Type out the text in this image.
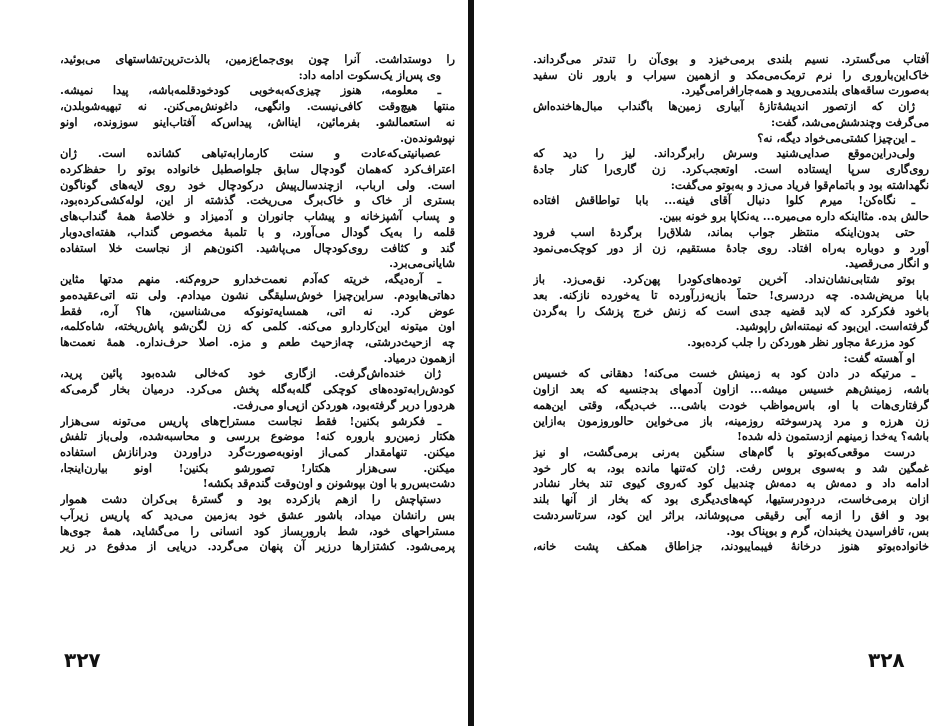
را دوستداشت. آنرا چون بوی‌جماع‌زمین، بالذت‌ترین‌تشاستهای می‌بوئید،
وی پس‌از یک‌سکوت ادامه داد:
ـ معلومه، هنوز چیزی‌که‌به‌خوبی کودخودقلمه‌باشه، پیدا نمیشه.
منتها هیچ‌وقت کافی‌نیست. وانگهی، داغونش‌می‌کنن. نه تبهیه‌شوبلدن،
نه استعمالشو. بفرمائین، اینااش، پیداس‌که آفتاب‌اینو سوزونده، اونو
نپوشونده‌ن.
عصبانیتی‌که‌عادت و سنت کارمارا‌به‌تباهی کشانده است. ژان
اعتراف‌کرد که‌همان گودچال سابق جلواصطبل خانواده بوتو را حفظ‌کرده
است. ولی ارباب، ازچندسال‌پیش درکودچال خود روی لایه‌های گوناگون
بستری از خاک و خاک‌برگ می‌ریخت. گذشته از این، لوله‌کشی‌کرده‌بود،
و پساب آشپزخانه و پیشاب جانوران و آدمیزاد و خلاصهٔ همهٔ گنداب‌های
قلمه را به‌یک گودال می‌آورد، و با تلمبهٔ مخصوص گنداب، هفته‌ای‌دوبار
گند و کثافت روی‌کودچال می‌پاشید. اکنون‌هم از نجاست خلا استفاده
شایانی‌می‌برد.
ـ آره‌دیگه، خریته که‌آدم نعمت‌خدارو حروم‌کنه. منهم مدتها مثاین
دهاتی‌هابودم. سراین‌چیزا خوش‌سلیقگی نشون میدادم. ولی نته اتی‌عقیده‌مو
عوض کرد. نه اتی، همسایه‌تونوکه می‌شناسین، ها؟ آره، فقط
اون میتونه این‌کاردارو می‌کنه. کلمی که زن لگن‌شو پاش‌ریخته، شاه‌کلمه،
چه ازحیث‌درشتی، چه‌ازحیث طعم و مزه. اصلا حرف‌نداره. همهٔ نعمت‌ها
ازهمون درمیاد.
ژان خنده‌اش‌گرفت. ازگاری خود که‌خالی شده‌بود پائین پرید،
کودش‌رابه‌توده‌های کوچکی گله‌به‌گله پخش می‌کرد. درمیان بخار گرمی‌که
هردورا دربر گرفته‌بود، هوردکن ازپی‌او می‌رفت.
ـ فکرشو بکنین! فقط نجاست مستراح‌های پاریس می‌تونه سی‌هزار
هکتار زمین‌رو باروره کنه! موضوع بررسی و محاسبه‌شده، ولی‌باز تلفش
میکنن. تنهامقدار کمی‌از اونوبه‌صورت‌گرد دراوردن ودرانازش استفاده
میکنن. سی‌هزار هکتار! تصورشو بکنین! اونو بیارن‌اینجا،
دشت‌بس‌رو با اون بپوشونن و اون‌وقت گندم‌قد بکشه!
دستپاچش را ازهم بازکرده بود و گسترهٔ بی‌کران دشت هموار
بس رانشان میداد، باشور عشق خود به‌زمین می‌دید که پاریس زیرآب
مستراحهای خود، شط باروربساز کود انسانی را می‌گشاید، همهٔ جوی‌ها
پرمی‌شود. کشتزارها درزیر آن پنهان می‌گردد. دریایی از مدفوع در زیر
آفتاب می‌گسترد. نسیم بلندی برمی‌خیزد و بوی‌آن را تندتر می‌گرداند.
خاک‌این‌باروری را نرم ترمک‌می‌مکد و ازهمین سیراب و بارور نان سفید
به‌صورت ساقه‌های بلندمی‌روید و همه‌جارافرامی‌گیرد.
ژان که ازتصور اندیشهٔ‌تازهٔ آبیاری زمین‌ها باگنداب مبال‌ها‌خنده‌اش
می‌گرفت وچندشش‌می‌شد، گفت:
ـ این‌چیزا کشتی‌می‌خواد دیگه، نه؟
ولی‌دراین‌موقع صدایی‌شنید وسرش رابرگرداند. لیز را دید که
روی‌گاری سرپا ایستاده است. اوتعجب‌کرد. زن گاری‌را کنار جادهٔ
نگهداشته بود و باتمام‌قوا فریاد می‌زد و به‌بوتو می‌گفت:
ـ نگاه‌کن! میرم کلوا دنبال آقای فینه... بابا تواطاقش افتاده
حالش بده. مثااینکه داره می‌میره... یه‌نکا‌پا برو خونه ببین.
حتی بدون‌اینکه منتظر جواب بماند، شلاق‌را برگردهٔ اسب فرود
آورد و دوباره به‌راه افتاد. روی جادهٔ مستقیم، زن از دور کوچک‌می‌نمود
و انگار می‌رقصید.
بوتو شتابی‌نشان‌نداد. آخرین توده‌های‌کودرا پهن‌کرد. نق‌می‌زد. باز
بابا مریض‌شده. چه دردسری! حتماً بازیه‌زرآورده تا یه‌خورده نازکنه. بعد
باخود فکرکرد که لابد قضیه جدی است که زنش خرج پزشک را به‌گردن
گرفته‌است. این‌بود که نیمتنه‌اش راپوشید.
کود مزرعهٔ مجاور نظر هوردکن را جلب کرده‌بود.
او آهسته گفت:
ـ مرتیکه در دادن کود به زمینش خست می‌کنه! دهقانی که خسیس
باشه، زمینش‌هم خسیس میشه... ازاون آدمهای بدجنسیه که بعد ازاون
گرفتاری‌هات با او، باس‌مواظب خودت باشی... خب‌دیگه، وقتی این‌همه
زن هرزه و مرد پدرسوخته روزمینه، باز می‌خواین حالوروزمون به‌ازاین
باشه؟ یه‌خدا زمینهم ازدستمون ذله شده!
درست موقعی‌که‌بوتو با گام‌های سنگین به‌رنی برمی‌گشت، او نیز
غمگین شد و به‌سوی بروس رفت. ژان که‌تنها مانده بود، به کار خود
ادامه داد و دمه‌ش به دمه‌ش چندبیل کود که‌روی کیوی تند بخار نشادر
ازان برمی‌خاست، دردودرستیها، کپه‌های‌دیگری بود که بخار از آنها بلند
بود و افق را ازمه آبی رقیقی می‌پوشاند، براثر این کود، سرتاسردشت
بس، تافراسیدن یخبندان، گرم و بوپناک بود.
خانواده‌بوتو هنوز درخانهٔ فیبمایبودند، جزاطاق همکف پشت خانه،
۳۲۷	۳۲۸
